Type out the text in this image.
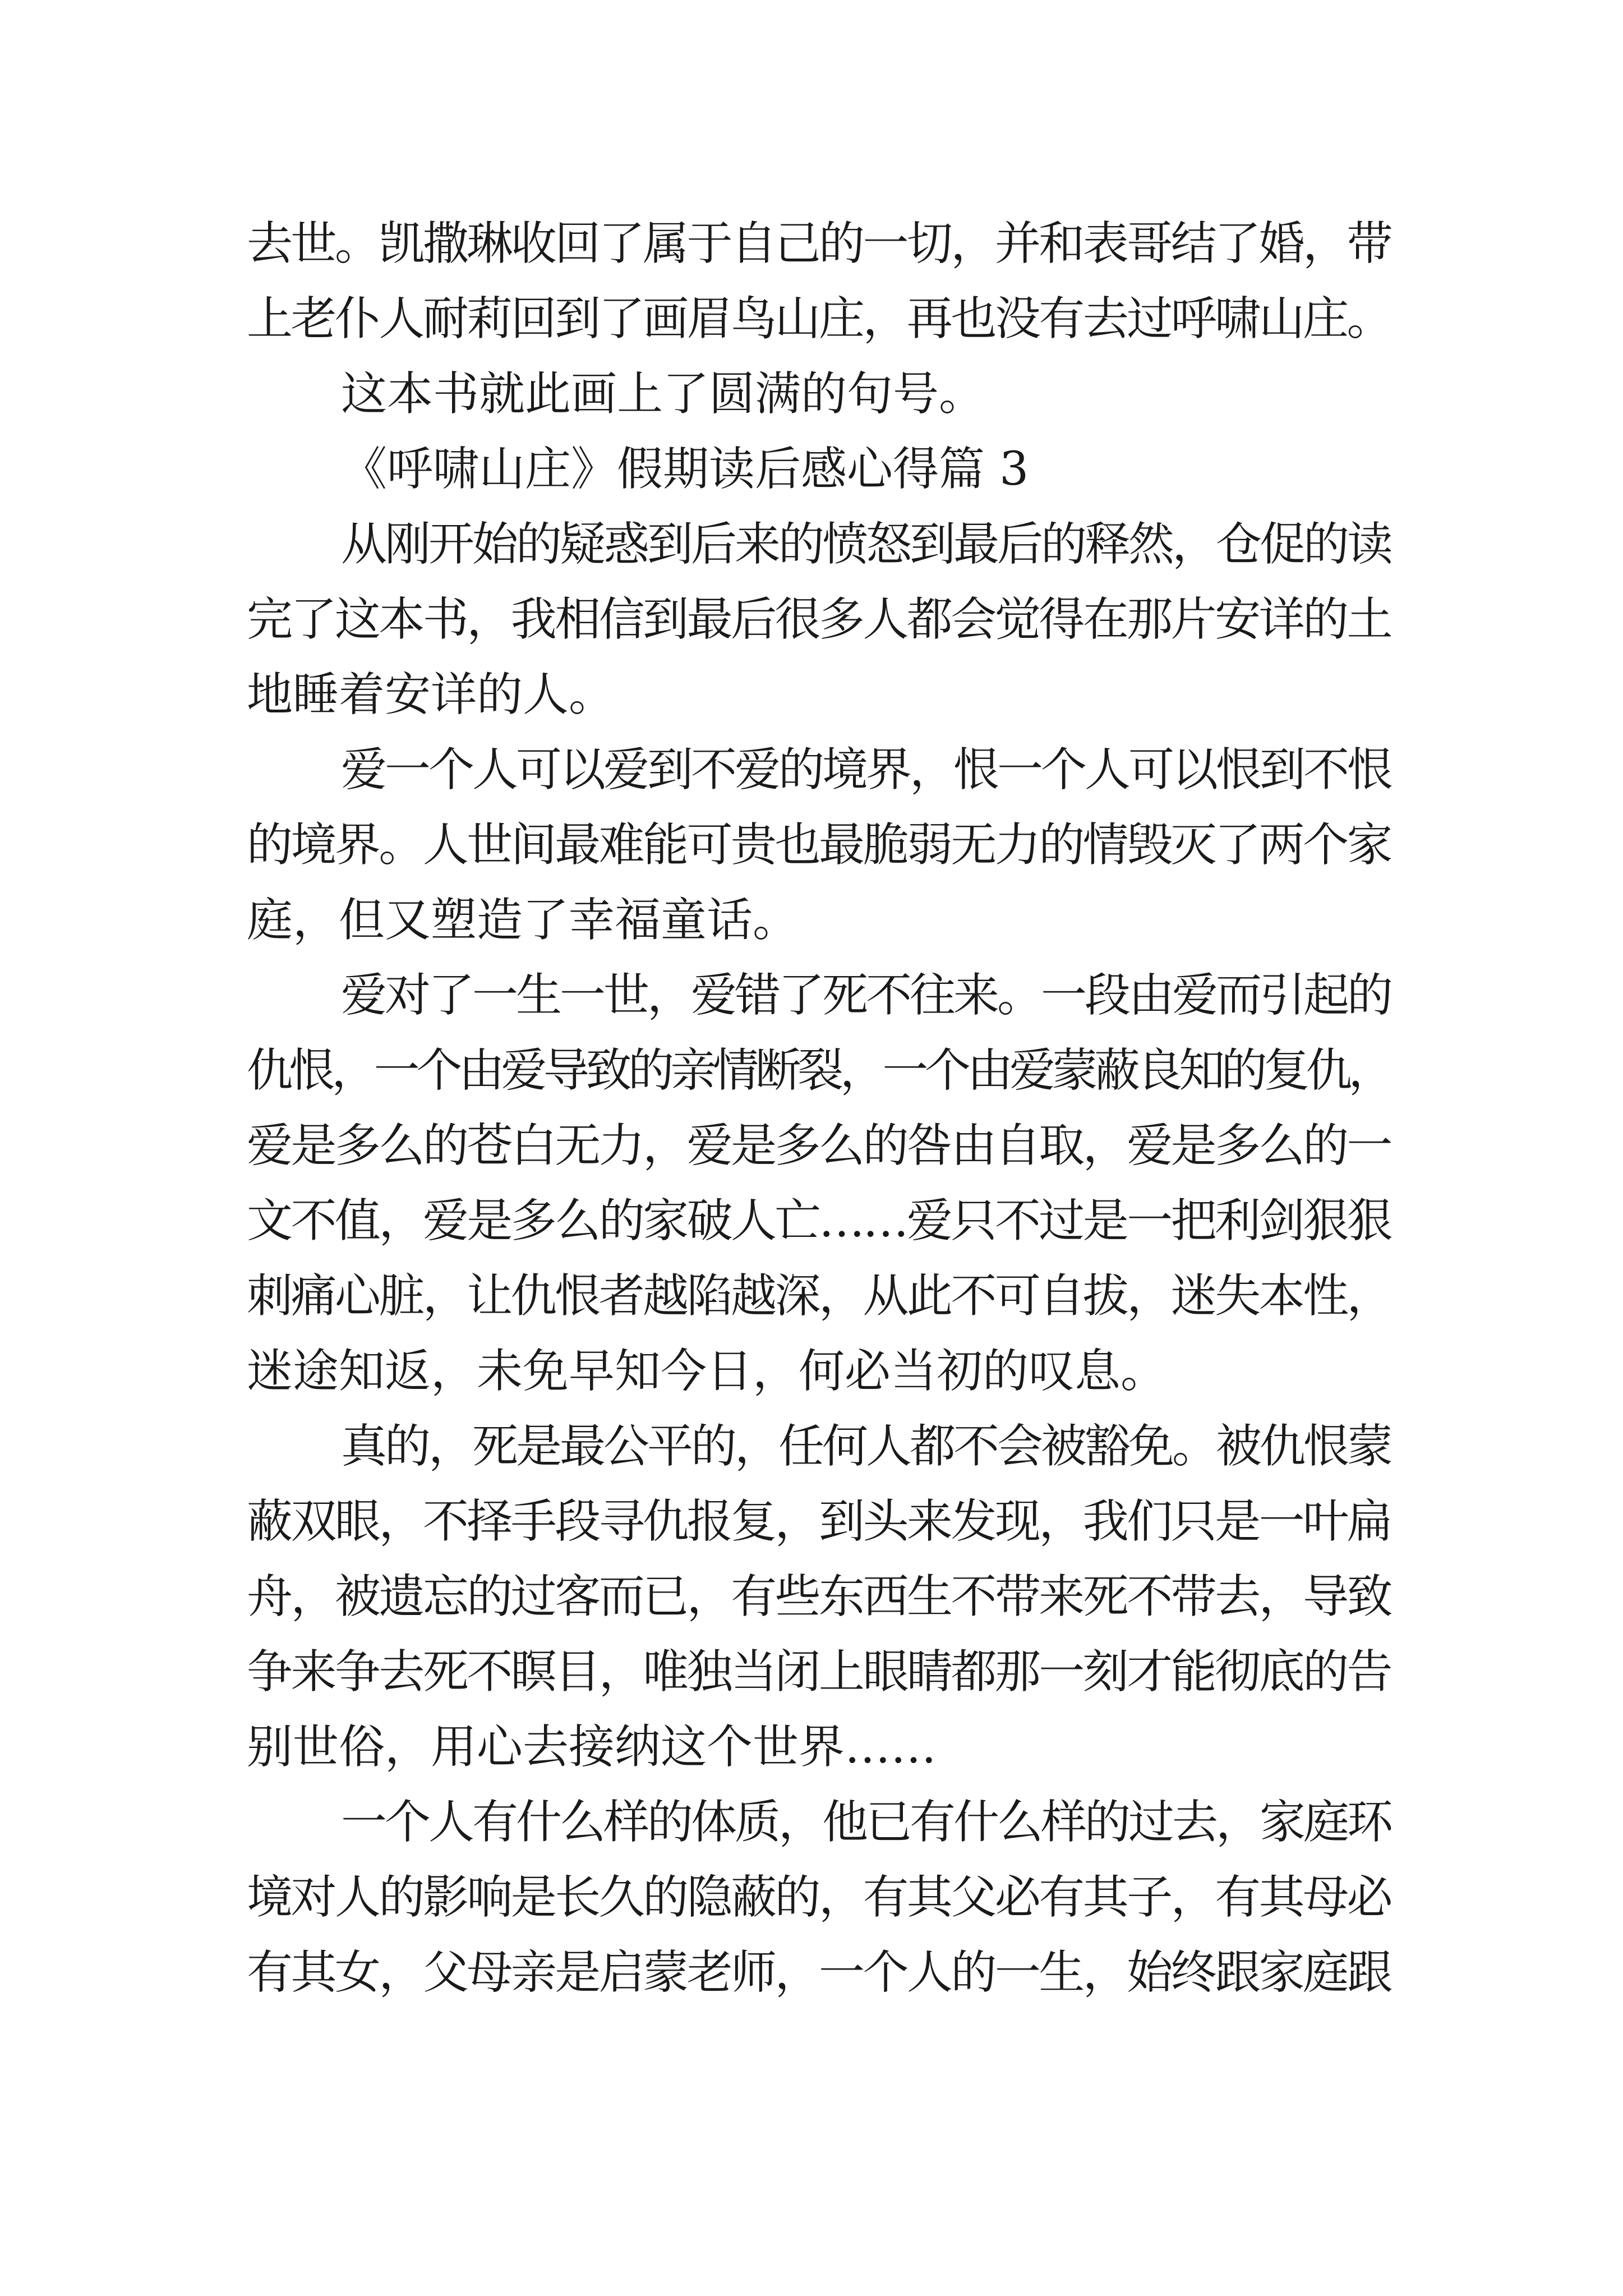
去世。凯撒琳收回了属于自己的一切，并和表哥结了婚，带
上老仆人耐莉回到了画眉鸟山庄，再也没有去过呼啸山庄。
这本书就此画上了圆满的句号。
《呼啸山庄》假期读后感心得篇 3
从刚开始的疑惑到后来的愤怒到最后的释然，仓促的读
完了这本书，我相信到最后很多人都会觉得在那片安详的土
地睡着安详的人。
爱一个人可以爱到不爱的境界，恨一个人可以恨到不恨
的境界。人世间最难能可贵也最脆弱无力的情毁灭了两个家
庭，但又塑造了幸福童话。
爱对了一生一世，爱错了死不往来。一段由爱而引起的
仇恨，一个由爱导致的亲情断裂，一个由爱蒙蔽良知的复仇，
爱是多么的苍白无力，爱是多么的咎由自取，爱是多么的一
文不值，爱是多么的家破人亡……爱只不过是一把利剑狠狠
刺痛心脏，让仇恨者越陷越深，从此不可自拔，迷失本性，
迷途知返，未免早知今日，何必当初的叹息。
真的，死是最公平的，任何人都不会被豁免。被仇恨蒙
蔽双眼，不择手段寻仇报复，到头来发现，我们只是一叶扁
舟，被遗忘的过客而已，有些东西生不带来死不带去，导致
争来争去死不瞑目，唯独当闭上眼睛都那一刻才能彻底的告
别世俗，用心去接纳这个世界……
一个人有什么样的体质，他已有什么样的过去，家庭环
境对人的影响是长久的隐蔽的，有其父必有其子，有其母必
有其女，父母亲是启蒙老师，一个人的一生，始终跟家庭跟
